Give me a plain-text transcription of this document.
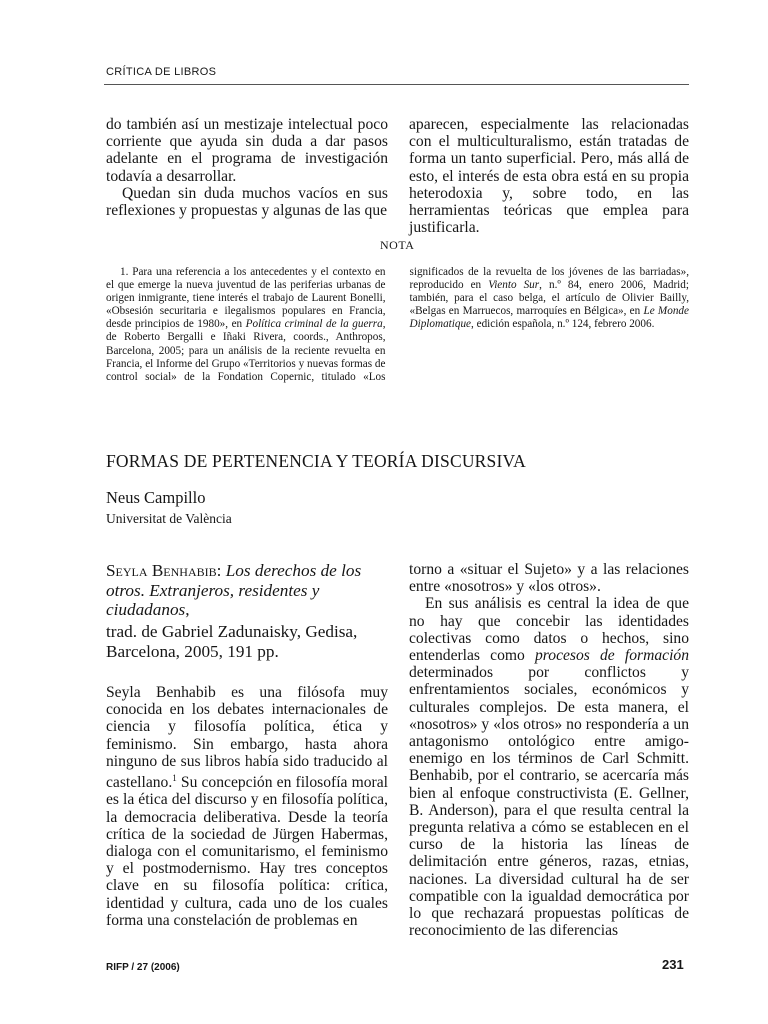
CRÍTICA DE LIBROS

do también así un mestizaje intelectual poco corriente que ayuda sin duda a dar pasos adelante en el programa de investigación todavía a desarrollar.

Quedan sin duda muchos vacíos en sus reflexiones y propuestas y algunas de las que

aparecen, especialmente las relacionadas con el multiculturalismo, están tratadas de forma un tanto superficial. Pero, más allá de esto, el interés de esta obra está en su propia heterodoxia y, sobre todo, en las herramientas teóricas que emplea para justificarla.

NOTA

1. Para una referencia a los antecedentes y el contexto en el que emerge la nueva juventud de las periferias urbanas de origen inmigrante, tiene interés el trabajo de Laurent Bonelli, «Obsesión securitaria e ilegalismos populares en Francia, desde principios de 1980», en Política criminal de la guerra, de Roberto Bergalli e Iñaki Rivera, coords., Anthropos, Barcelona, 2005; para un análisis de la reciente revuelta en Francia, el Informe del Grupo «Territorios y nuevas formas de control social» de la Fondation Copernic, titulado «Los significados de la revuelta de los jóvenes de las barriadas», reproducido en Viento Sur, n.º 84, enero 2006, Madrid; también, para el caso belga, el artículo de Olivier Bailly, «Belgas en Marruecos, marroquíes en Bélgica», en Le Monde Diplomatique, edición española, n.º 124, febrero 2006.

FORMAS DE PERTENENCIA Y TEORÍA DISCURSIVA
Neus Campillo
Universitat de València
Seyla Benhabib: Los derechos de los otros. Extranjeros, residentes y ciudadanos,
trad. de Gabriel Zadunaisky, Gedisa, Barcelona, 2005, 191 pp.

Seyla Benhabib es una filósofa muy conocida en los debates internacionales de ciencia y filosofía política, ética y feminismo. Sin embargo, hasta ahora ninguno de sus libros había sido traducido al castellano.$^1$ Su concepción en filosofía moral es la ética del discurso y en filosofía política, la democracia deliberativa. Desde la teoría crítica de la sociedad de Jürgen Habermas, dialoga con el comunitarismo, el feminismo y el postmodernismo. Hay tres conceptos clave en su filosofía política: crítica, identidad y cultura, cada uno de los cuales forma una constelación de problemas en

torno a «situar el Sujeto» y a las relaciones entre «nosotros» y «los otros».

En sus análisis es central la idea de que no hay que concebir las identidades colectivas como datos o hechos, sino entenderlas como procesos de formación determinados por conflictos y enfrentamientos sociales, económicos y culturales complejos. De esta manera, el «nosotros» y «los otros» no respondería a un antagonismo ontológico entre amigo-enemigo en los términos de Carl Schmitt. Benhabib, por el contrario, se acercaría más bien al enfoque constructivista (E. Gellner, B. Anderson), para el que resulta central la pregunta relativa a cómo se establecen en el curso de la historia las líneas de delimitación entre géneros, razas, etnias, naciones. La diversidad cultural ha de ser compatible con la igualdad democrática por lo que rechazará propuestas políticas de reconocimiento de las diferencias

RIFP / 27 (2006)	231
